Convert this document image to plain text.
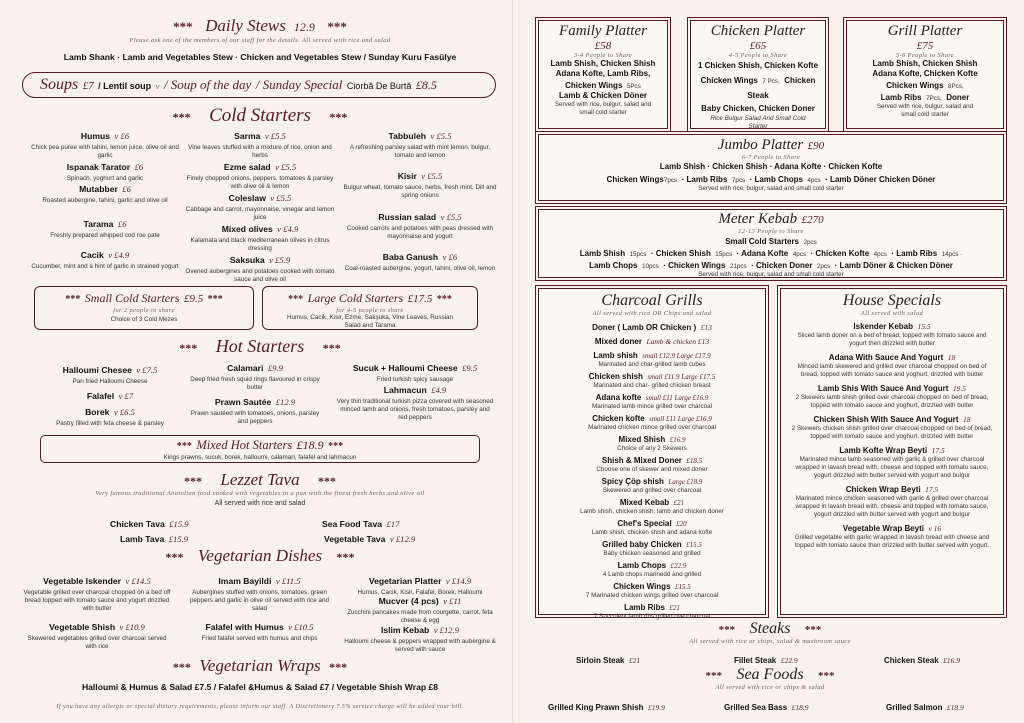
*** Daily Stews 12.9 ***
Please ask one of the members of our staff for the details. All served with rice and salad
Lamb Shank · Lamb and Vegetables Stew · Chicken and Vegetables Stew / Sunday Kuru Fasülye
Soups £7 / Lentil soup v / Soup of the day / Sunday Special Ciorbă De Burtă £8.5
*** Cold Starters ***
Humus v £6
Chick pea puree with tahini, lemon juice, olive oil and garlic
Ispanak Tarator £6
Spinach, yoghurt and garlic
Mutabber £6
Roasted aubergine, tahini, garlic and olive oil
Tarama £6
Freshly prepared whipped cod roe pate
Cacik v £4.9
Cucumber, mint and a hint of garlic in strained yogurt
Sarma v £5.5
Vine leaves stuffed with a mixture of rice, onion and herbs
Ezme salad v £5.5
Finely chopped onions, peppers, tomatoes & parsley with olive oil & lemon
Coleslaw v £5.5
Cabbage and carrot, mayonnaise, vinegar and lemon juice
Mixed olives v £4.9
Kalamata and black mediterranean olives in citrus dressing
Saksuka v £5.9
Ovened aubergines and potatoes cooked with tomato sauce and olive oil
Tabbuleh v £5.5
A refreshing parsley salad with mint lemon, bulgur, tomato and lemon
Kisir v £5.5
Bulgur wheat, tomato sauce, herbs, fresh mint, Dill and spring onions
Russian salad v £5.5
Cooked carrots and potatoes with peas dressed with mayonnaise and yogurt
Baba Ganush v £6
Coal-roasted aubergine, yogurt, tahini, olive oil, lemon
*** Small Cold Starters £9.5 ***
for 2 people to share
Choice of 3 Cold Mezes
*** Large Cold Starters £17.5 ***
for 4-5 people to share
Humus, Cacik, Kisir, Ezme, Sakşuka, Vine Leaves, Russian Salad and Tarama
*** Hot Starters ***
Halloumi Chesee v £7.5
Pan fried Halloumi Cheese
Falafel v £7
Borek v £6.5
Pastry filled with feta cheese & parsley
Calamari £9.9
Deep fried fresh squid rings flavoured in crispy butter
Prawn Sautée £12.9
Prawn sautéed with tomatoes, onions, parsley and peppers
Sucuk + Halloumi Cheese £9.5
Fried turkish spicy sausage
Lahmacun £4.9
Very thin traditional turkish pizza covered with seasoned minced lamb and onions, fresh tomatoes, parsley and red peppers
*** Mixed Hot Starters £18.9 ***
Kings prawns, sucuk, borek, halloumi, calamari, falafel and lahmacun
*** Lezzet Tava ***
Very famous traditional Anatolian food cooked with vegetables in a pan with the finest fresh herbs and olive oil
All served with rice and salad
Chicken Tava £15.9	Sea Food Tava £17
Lamb Tava £15.9	Vegetable Tava v £12.9
*** Vegetarian Dishes ***
Vegetable Iskender v £14.5
Vegetable grilled over charcoal chopped on a bed off bread topped with tomato sauce and yogurt drizzled with butter
Vegetable Shish v £10.9
Skewered vegetables grilled over charcoal served with rice
Imam Bayildi v £11.5
Aubergines stuffed with onions, tomatoes, green peppers and garlic in olive oil served with rice and salad
Falafel with Humus v £10.5
Fried falafel served with humus and chips
Vegetarian Platter v £14.9
Humus, Cacik, Kisir, Falafel, Borek, Halloumi
Mucver (4 pcs) v £11
Zucchini pancakes made from courgette, carrot, feta cheese & egg
Islim Kebab v £12.9
Halloumi cheese & peppers wrapped with aubergine & served with sauce
*** Vegetarian Wraps ***
Halloumi & Humus & Salad £7.5 / Falafel &Humus & Salad £7 / Vegetable Shish Wrap £8
If you have any allergic or special dietary requirements, please inform our staff. A Discretionery 7.5% service charge will be added your bill.
Family Platter
£58
3-4 People to Share
Lamb Shish, Chicken Shish
Adana Kofte, Lamb Ribs,
Chicken Wings 5Pcs
Lamb & Chicken Döner
Served with rice, bulgur, salad and small cold starter
Chicken Platter
£65
4-5 People to Share
1 Chicken Shish, Chicken Kofte
Chicken Wings 7 Pcs, Chicken Steak
Baby Chicken, Chicken Doner
Rice Bulgur Salad And Small Cold Starter
Grill Platter
£75
5-6 People to Share
Lamb Shish, Chicken Shish
Adana Kofte, Chicken Kofte
Chicken Wings 8Pcs,
Lamb Ribs 7Pcs, Doner
Served with rice, bulgur, salad and small cold starter
Jumbo Platter £90
6-7 People to Share
Lamb Shish · Chicken Shish · Adana Kofte · Chicken Kofte
Chicken Wings7pcs · Lamb Ribs 7pcs · Lamb Chops 4pcs · Lamb Döner Chicken Döner
Served with rice, bulgur, salad and small cold starter
Meter Kebab £270
12-13 People to Share
Small Cold Starters 2pcs
Lamb Shish 15pcs · Chicken Shish 15pcs · Adana Kofte 4pcs · Chicken Kofte 4pcs · Lamb Ribs 14pcs ·
Lamb Chops 10pcs · Chicken Wings 21pcs · Chicken Doner 2pcs · Lamb Döner & Chicken Döner
Served with rice, bulgur, salad and small cold starter
Charcoal Grills
All served with rice OR Chips and salad
Doner ( Lamb OR Chicken ) £13
Mixed doner Lamb & chicken £13
Lamb shish small £12.9 Large £17.9
Marinated and char-grilled lamb cubes
Chicken shish small £11.9 Large £17.5
Marinated and char- grilled chicken breast
Adana kofte small £11 Large £16.9
Marinated lamb mince grilled over charcoal
Chicken kofte small £11 Large £16.9
Marinated chicken mince grilled over charcoal
Mixed Shish £16.9
Choice of any 2 Skewers
Shish & Mixed Doner £18.5
Choose one of skewer and mixed doner
Spicy Çöp shish Large £18.9
Skewered and grilled over charcoal
Mixed Kebab £21
Lamb shish, chicken shish, lamb and chicken doner
Chef's Special £20
Lamb shish, chicken shish and adana kofte
Grilled baby Chicken £15.5
Baby chicken seasoned and grilled
Lamb Chops £22.9
4 Lamb chops marinedd and grilled
Chicken Wings £15.5
7 Marinated chicken wings grilled over charcoal
Lamb Ribs £21
7 Succulent lamb ribs grilled ove charcoal
House Specials
All served with salad
Iskender Kebab 15.5
Sliced lamb doner on a bed of bread, topped with tomato sauce and yogurt then drizzled with butter
Adana With Sauce And Yogurt 18
Minced lamb skewered and grilled over charcoal chopped on bed of bread, topped with tomato sauce and yoghurt, drizzled with butter
Lamb Shis With Sauce And Yogurt 19.5
2 Skewers lamb shish grilled over charcoal chopped on bed of bread, topped with tomato sauce and yoghurt, drizzled with butter
Chicken Shish With Sauce And Yogurt 18
2 Skewers chicken shish grilled over charcoal chopped on bed of bread, topped with tomato sauce and yoghurt, drizzled with butter
Lamb Kofte Wrap Beyti 17.5
Marinated mince lamb seasoned with garlic & grilled over charcoal wrapped in lavash bread with, cheese and topped with tomato sauce, yogurt drizzled with butter served with yogurt and bulgur
Chicken Wrap Beyti 17.5
Marinated mince chicken seasoned with garlic & grilled over charcoal wrapped in lavash bread with, cheese and topped with tomato sauce, yogurt drizzled with butter served with yogurt and bulgur
Vegetable Wrap Beyti v 16
Grilled vegetable with garlic wrapped in lavash bread with cheese and topped with tomato sauce then drizzled with butter served with yogurt.
*** Steaks ***
All served with rice or chips, salad & mushroom sauce
Sirloin Steak £21	Fillet Steak £22.9	Chicken Steak £16.9
*** Sea Foods ***
All served with rice or chips & salad
Grilled King Prawn Shish £19.9	Grilled Sea Bass £18.9	Grilled Salmon £18.9
